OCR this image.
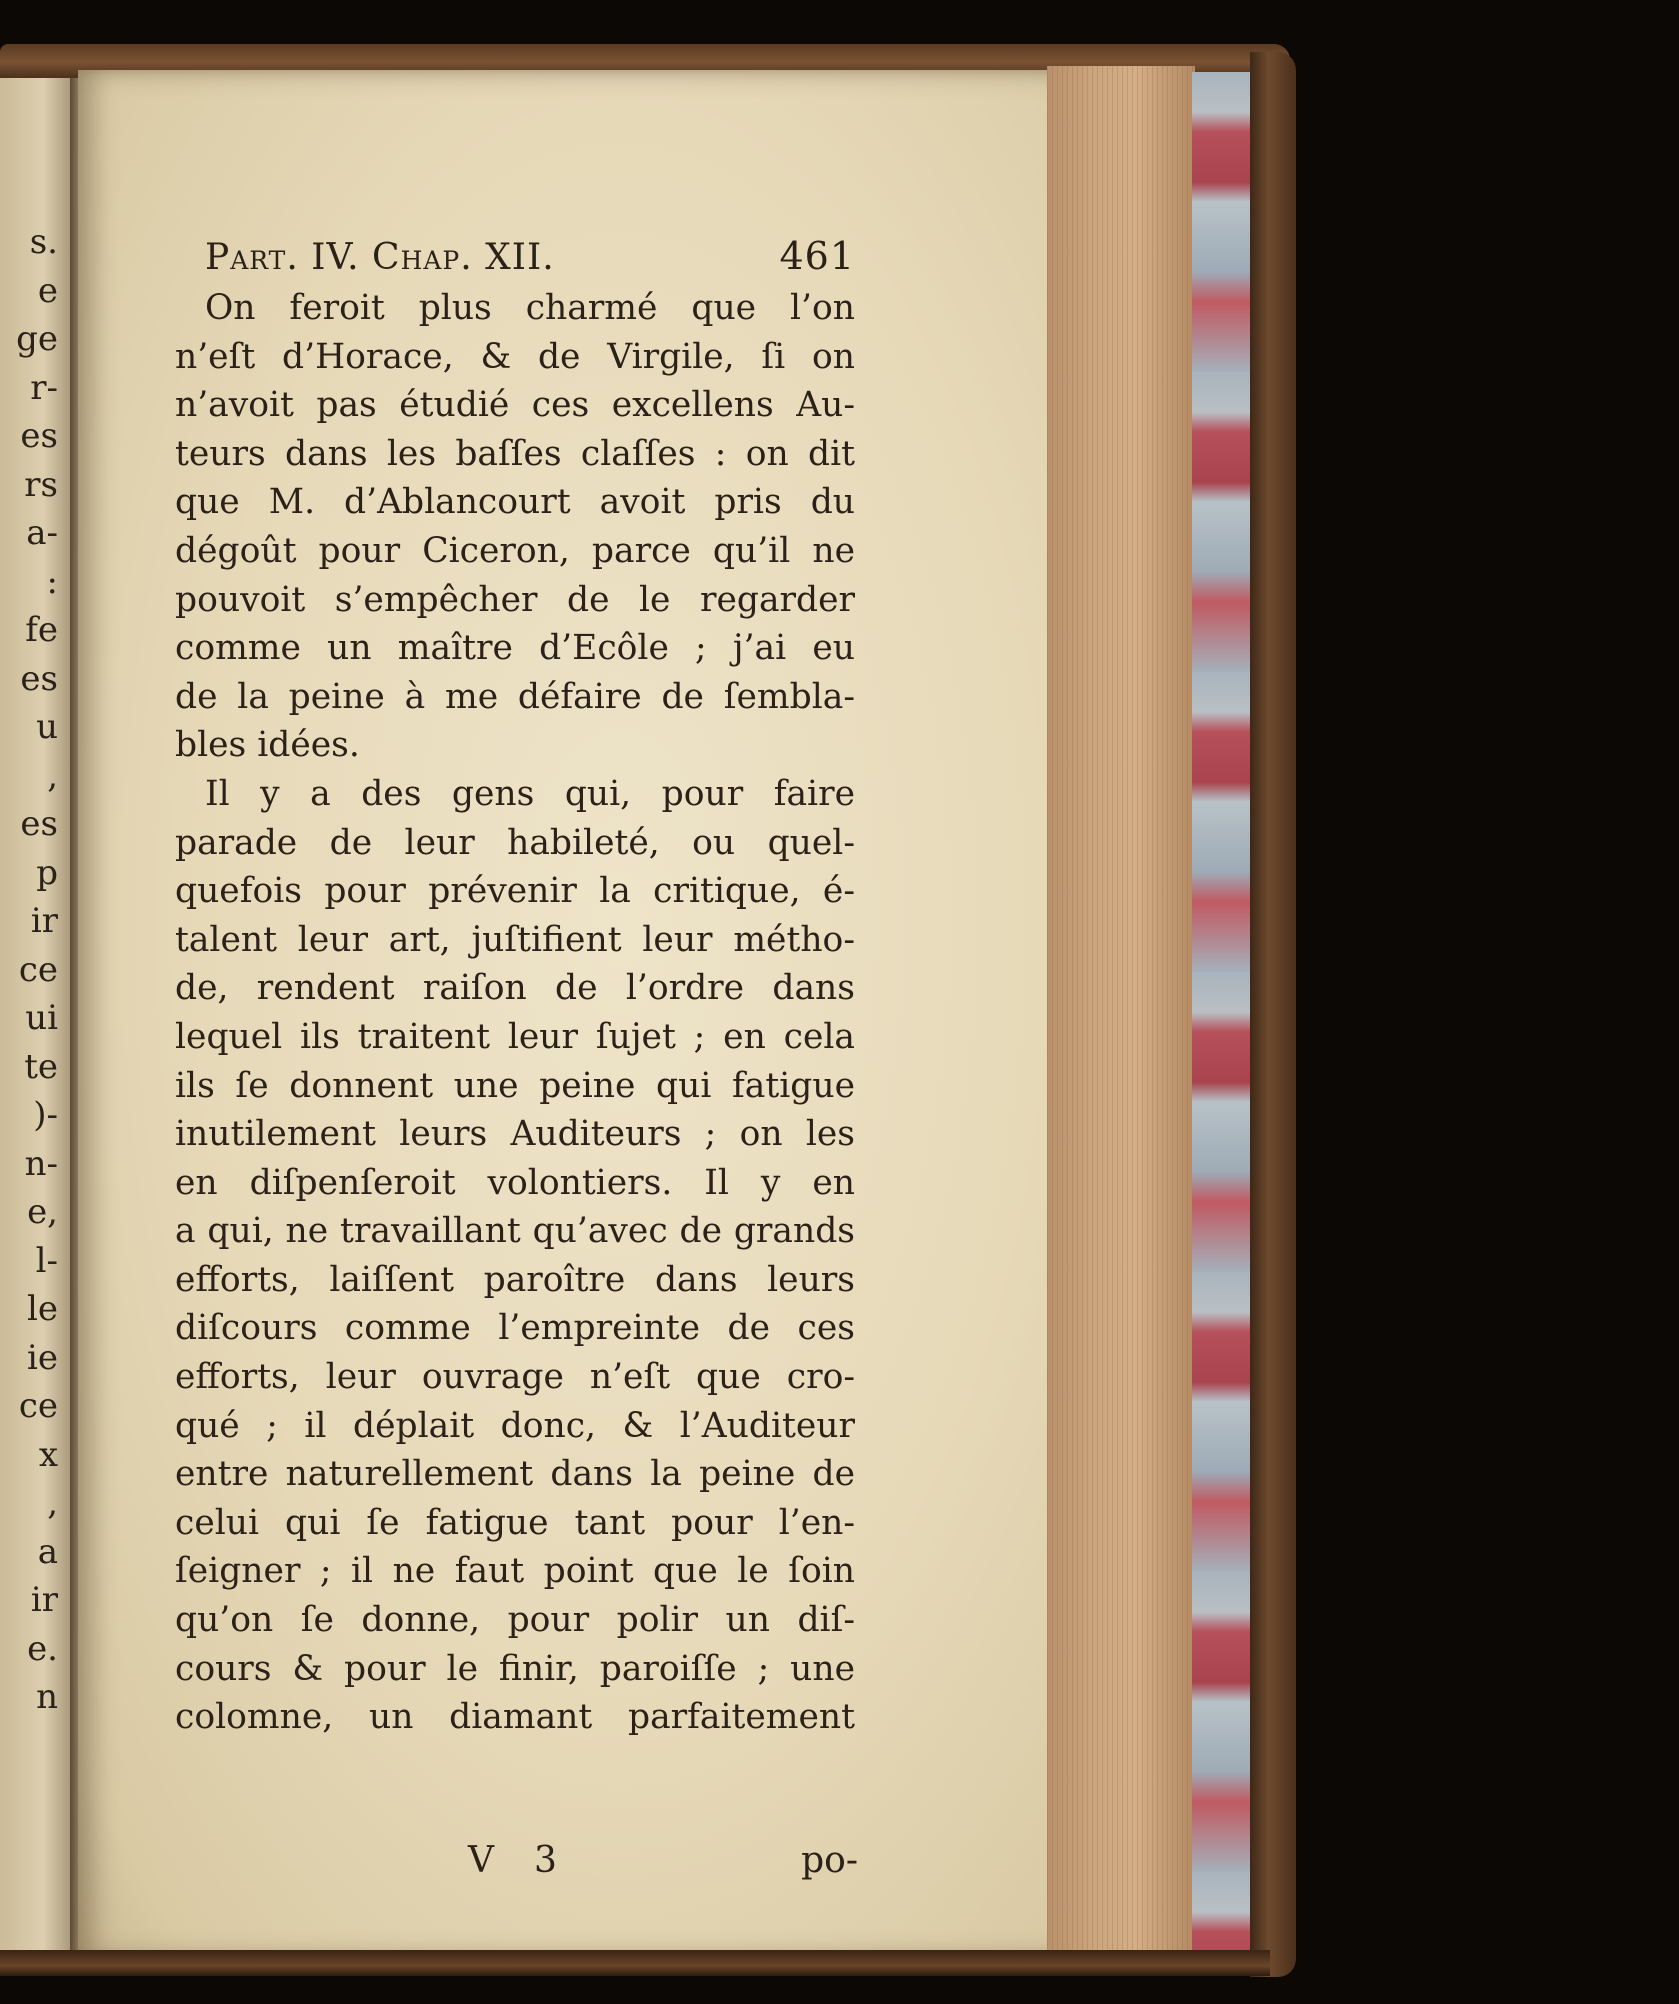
s.
e
ge
r-
es
rs
a-
:
fe
es
u
,
es
p
ir
ce
ui
te
)-
n-
e,
l-
le
ie
ce
x
,
a
ir
e.
n
Part. IV. Chap. XII.	461
On feroit plus charmé que l’on
n’eſt d’Horace, & de Virgile, ſi on
n’avoit pas étudié ces excellens Au-
teurs dans les baſſes claſſes : on dit
que M. d’Ablancourt avoit pris du
dégoût pour Ciceron, parce qu’il ne
pouvoit s’empêcher de le regarder
comme un maître d’Ecôle ; j’ai eu
de la peine à me défaire de ſembla-
bles idées.
Il y a des gens qui, pour faire
parade de leur habileté, ou quel-
quefois pour prévenir la critique, é-
talent leur art, juſtifient leur métho-
de, rendent raiſon de l’ordre dans
lequel ils traitent leur ſujet ; en cela
ils ſe donnent une peine qui fatigue
inutilement leurs Auditeurs ; on les
en diſpenſeroit volontiers. Il y en
a qui, ne travaillant qu’avec de grands
efforts, laiſſent paroître dans leurs
diſcours comme l’empreinte de ces
efforts, leur ouvrage n’eſt que cro-
qué ; il déplait donc, & l’Auditeur
entre naturellement dans la peine de
celui qui ſe fatigue tant pour l’en-
ſeigner ; il ne faut point que le ſoin
qu’on ſe donne, pour polir un diſ-
cours & pour le finir, paroiſſe ; une
colomne, un diamant parfaitement
V 3	po-
